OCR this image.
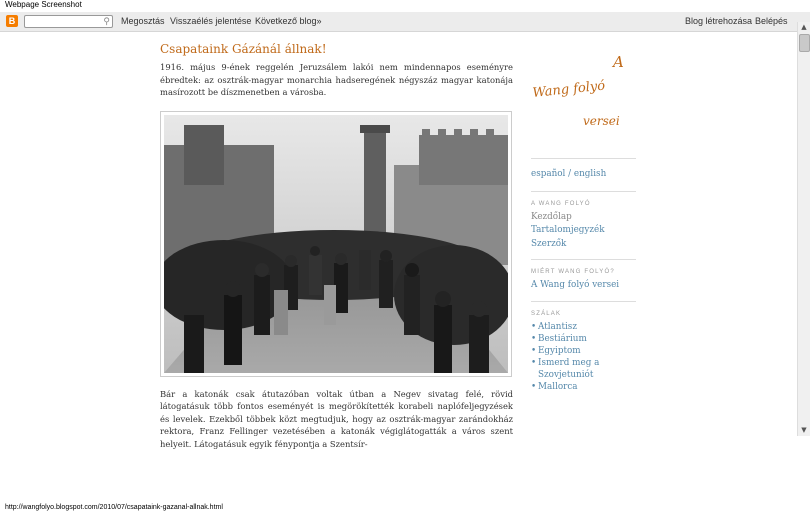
Webpage Screenshot
B	⚲ Megosztás Visszaélés jelentése Következő blog»	Blog létrehozása Belépés
Csapataink Gázánál állnak!

1916. május 9-ének reggelén Jeruzsálem lakói nem mindennapos eseményre ébredtek: az osztrák-magyar monarchia hadseregének négyszáz magyar katonája masírozott be díszmenetben a városba.

Bár a katonák csak átutazóban voltak útban a Negev sivatag felé, rövid látogatásuk több fontos eseményét is megörökítették korabeli naplófeljegyzések és levelek. Ezekből többek közt megtudjuk, hogy az osztrák-magyar zarándokház rektora, Franz Fellinger vezetésében a katonák végiglátogatták a város szent helyeit. Látogatásuk egyik fénypontja a Szentsír-

A
Wang folyó
versei
español / english
A WANG FOLYÓ
Kezdőlap
Tartalomjegyzék
Szerzők
MIÉRT WANG FOLYÓ?
A Wang folyó versei
SZÁLAK
• Atlantisz
• Bestiárium
• Egyiptom
• Ismerd meg a Szovjetuniót
• Mallorca
▲
▼
http://wangfolyo.blogspot.com/2010/07/csapataink-gazanal-allnak.html
